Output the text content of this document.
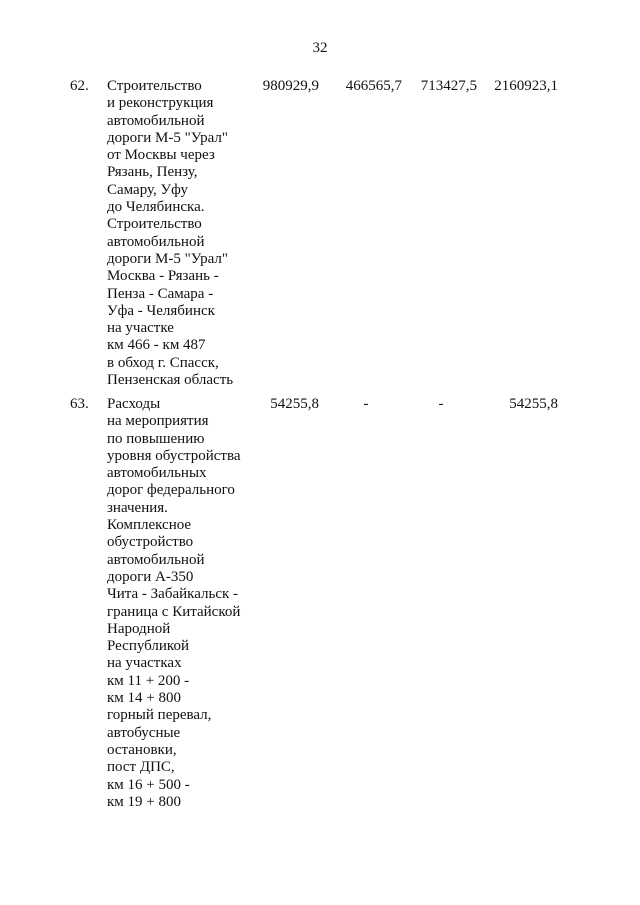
32
62.	Строительство
и реконструкция
автомобильной
дороги М-5 "Урал"
от Москвы через
Рязань, Пензу,
Самару, Уфу
до Челябинска.
Строительство
автомобильной
дороги М-5 "Урал"
Москва - Рязань -
Пенза - Самара -
Уфа - Челябинск
на участке
км 466 - км 487
в обход г. Спасск,
Пензенская область
980929,9	466565,7	713427,5	2160923,1
63.	Расходы
на мероприятия
по повышению
уровня обустройства
автомобильных
дорог федерального
значения.
Комплексное
обустройство
автомобильной
дороги А-350
Чита - Забайкальск -
граница с Китайской
Народной
Республикой
на участках
км 11 + 200 -
км 14 + 800
горный перевал,
автобусные
остановки,
пост ДПС,
км 16 + 500 -
км 19 + 800
54255,8	-	-	54255,8
